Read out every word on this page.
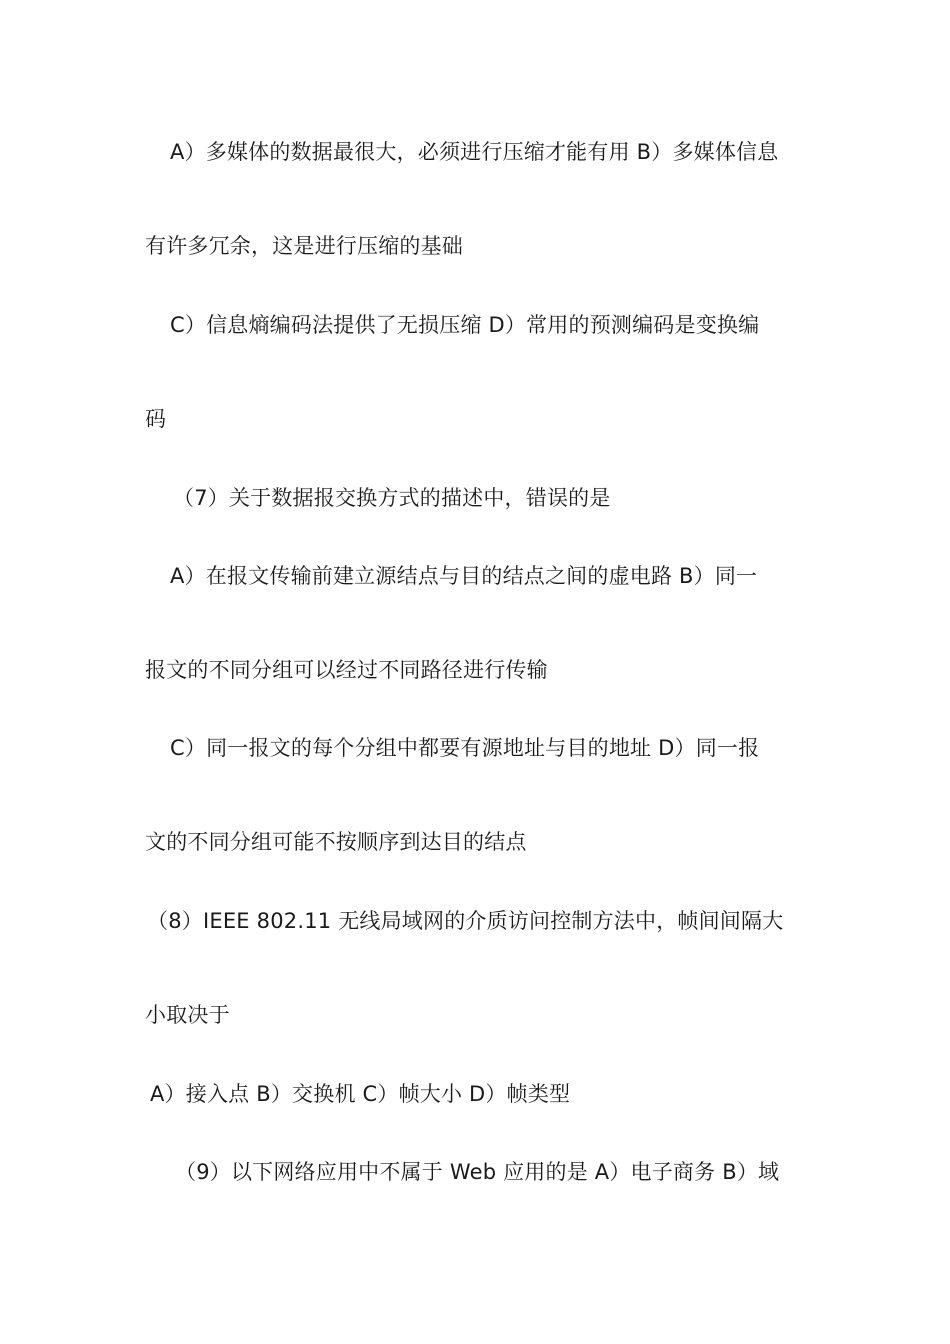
A）多媒体的数据最很大，必须进行压缩才能有用 B）多媒体信息
有许多冗余，这是进行压缩的基础
C）信息熵编码法提供了无损压缩 D）常用的预测编码是变换编
码
（7）关于数据报交换方式的描述中，错误的是
A）在报文传输前建立源结点与目的结点之间的虚电路 B）同一
报文的不同分组可以经过不同路径进行传输
C）同一报文的每个分组中都要有源地址与目的地址 D）同一报
文的不同分组可能不按顺序到达目的结点
（8）IEEE 802.11 无线局域网的介质访问控制方法中，帧间间隔大
小取决于
A）接入点 B）交换机 C）帧大小 D）帧类型
（9）以下网络应用中不属于 Web 应用的是 A）电子商务 B）域
